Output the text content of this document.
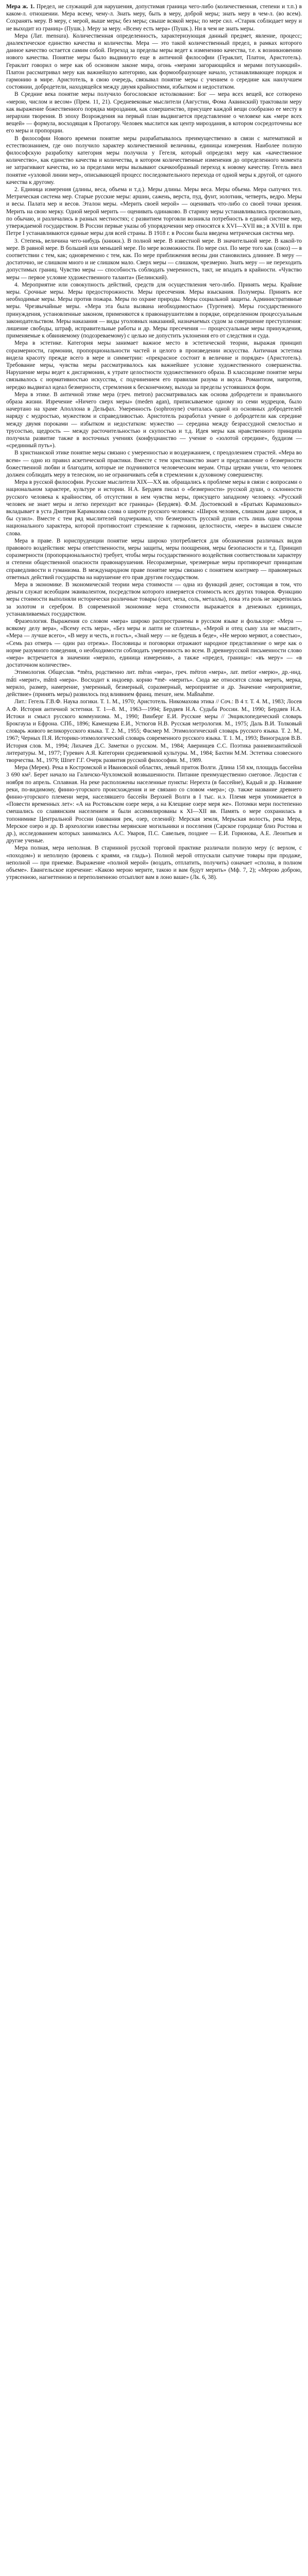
Мера ж. 1. Предел, не служащий для нарушения, допустимая граница чего-либо (количественная, степени и т.п.) в каком-л. отношении. Мера всему, чему-л. Знать меру, быть в меру, доброй меры; знать меру в чем-л. (во всем). Сохранять меру. В меру, с мерой, выше меры; без меры; свыше всякой меры; по мере сил. «Старик соблюдает меру и не выходит из границ» (Пушк.). Меру за меру. «Всему есть мера» (Пушк.). Ни в чем не знать меры.

Мера (Лат. mensura). Количественная определенность, характеризующая данный предмет, явление, процесс; диалектическое единство качества и количества. Мера — это такой количественный предел, в рамках которого данное качество остается самим собой. Переход за пределы меры ведет к изменению качества, т.е. к возникновению нового качества. Понятие меры было выдвинуто еще в античной философии (Гераклит, Платон, Аристотель). Гераклит говорил о мере как об основном законе мира, огонь «мерами загорающийся и мерами потухающий». Платон рассматривал меру как важнейшую категорию, как формообразующее начало, устанавливающее порядок и гармонию в мире. Аристотель, в свою очередь, связывал понятие меры с учением о середине как наилучшем состоянии, добродетели, находящейся между двумя крайностями, избытком и недостатком.

В Средние века понятие меры получило богословское истолкование: Бог — мера всех вещей, все сотворено «мерою, числом и весом» (Прем. 11, 21). Средневековые мыслители (Августин, Фома Аквинский) трактовали меру как выражение божественного порядка мироздания, как совершенство, присущее каждой вещи сообразно ее месту в иерархии творения. В эпоху Возрождения на первый план выдвигается представление о человеке как «мере всех вещей» — формула, восходящая к Протагору. Человек мыслится как центр мироздания, в котором сосредоточены все его меры и пропорции.

В философии Нового времени понятие меры разрабатывалось преимущественно в связи с математикой и естествознанием, где оно получило характер количественной величины, единицы измерения. Наиболее полную философскую разработку категория меры получила у Гегеля, который определял меру как «качественное количество», как единство качества и количества, в котором количественные изменения до определенного момента не затрагивают качества, но за пределами меры вызывают скачкообразный переход к новому качеству. Гегель ввел понятие «узловой линии мер», описывающей процесс последовательного перехода от одной меры к другой, от одного качества к другому.

2. Единица измерения (длины, веса, объема и т.д.). Меры длины. Меры веса. Меры объема. Мера сыпучих тел. Метрическая система мер. Старые русские меры: аршин, сажень, верста, пуд, фунт, золотник, четверть, ведро. Меры и весы. Палата мер и весов. Эталон меры. «Мерить своей мерой» — оценивать что-либо со своей точки зрения. Мерить на свою мерку. Одной мерой мерить — оценивать одинаково. В старину меры устанавливались произвольно, по обычаю, и различались в разных местностях; с развитием торговли возникла потребность в единой системе мер, утверждаемой государством. В России первые указы об упорядочении мер относятся к XVI—XVII вв.; в XVIII в. при Петре I устанавливаются единые меры для всей страны. В 1918 г. в России была введена метрическая система мер.

3. Степень, величина чего-нибудь (книжн.). В полной мере. В известной мере. В значительной мере. В какой-то мере. В равной мере. В большей или меньшей мере. По мере возможности. По мере сил. По мере того как (союз) — в соответствии с тем, как; одновременно с тем, как. По мере приближения весны дни становились длиннее. В меру — достаточно, не слишком много и не слишком мало. Сверх меры — слишком, чрезмерно. Знать меру — не переходить допустимых границ. Чувство меры — способность соблюдать умеренность, такт, не впадать в крайности. «Чувство меры — первое условие художественного таланта» (Белинский).

4. Мероприятие или совокупность действий, средств для осуществления чего-либо. Принять меры. Крайние меры. Срочные меры. Меры предосторожности. Меры пресечения. Меры взыскания. Полумеры. Принять все необходимые меры. Меры против пожара. Меры по охране природы. Меры социальной защиты. Административные меры. Чрезвычайные меры. «Мера эта была вызвана необходимостью» (Тургенев). Меры государственного принуждения, установленные законом, применяются к правонарушителям в порядке, определенном процессуальным законодательством. Меры наказания — виды уголовных наказаний, назначаемых судом за совершение преступления: лишение свободы, штраф, исправительные работы и др. Меры пресечения — процессуальные меры принуждения, применяемые к обвиняемому (подозреваемому) с целью не допустить уклонения его от следствия и суда.

Мера в эстетике. Категория меры занимает важное место в эстетической теории, выражая принцип соразмерности, гармонии, пропорциональности частей и целого в произведении искусства. Античная эстетика видела красоту прежде всего в мере и симметрии: «прекрасное состоит в величине и порядке» (Аристотель). Требование меры, чувства меры рассматривалось как важнейшее условие художественного совершенства. Нарушение меры ведет к дисгармонии, к утрате целостности художественного образа. В классицизме понятие меры связывалось с нормативностью искусства, с подчинением его правилам разума и вкуса. Романтизм, напротив, нередко выдвигал идеал безмерности, стремления к бесконечному, выхода за пределы устоявшихся форм.

Мера в этике. В античной этике мера (греч. metron) рассматривалась как основа добродетели и правильного образа жизни. Изречение «Ничего сверх меры» (meden agan), приписываемое одному из семи мудрецов, было начертано на храме Аполлона в Дельфах. Умеренность (sophrosyne) считалась одной из основных добродетелей наряду с мудростью, мужеством и справедливостью. Аристотель разработал учение о добродетели как середине между двумя пороками — избытком и недостатком: мужество — середина между безрассудной смелостью и трусостью, щедрость — между расточительностью и скупостью и т.д. Идея меры как нравственного принципа получила развитие также в восточных учениях (конфуцианство — учение о «золотой середине», буддизм — «срединный путь»).

В христианской этике понятие меры связано с умеренностью и воздержанием, с преодолением страстей. «Мера во всем» — одно из правил аскетической практики. Вместе с тем христианство знает и представление о безмерности божественной любви и благодати, которые не подчиняются человеческим мерам. Отцы церкви учили, что человек должен соблюдать меру в телесном, но не ограничивать себя в стремлении к духовному совершенству.

Мера в русской философии. Русские мыслители XIX—XX вв. обращались к проблеме меры в связи с вопросами о национальном характере, культуре и истории. Н.А. Бердяев писал о «безмерности» русской души, о склонности русского человека к крайностям, об отсутствии в нем чувства меры, присущего западному человеку. «Русский человек не знает меры и легко переходит все границы» (Бердяев). Ф.М. Достоевский в «Братьях Карамазовых» вкладывает в уста Дмитрия Карамазова слова о широте русского человека: «Широк человек, слишком даже широк, я бы сузил». Вместе с тем ряд мыслителей подчеркивал, что безмерность русской души есть лишь одна сторона национального характера, которой противостоит стремление к гармонии, целостности, «мере» в высшем смысле слова.

Мера в праве. В юриспруденции понятие меры широко употребляется для обозначения различных видов правового воздействия: меры ответственности, меры защиты, меры поощрения, меры безопасности и т.д. Принцип соразмерности (пропорциональности) требует, чтобы меры государственного воздействия соответствовали характеру и степени общественной опасности правонарушения. Несоразмерные, чрезмерные меры противоречат принципам справедливости и гуманизма. В международном праве понятие меры связано с понятием контрмер — правомерных ответных действий государства на нарушение его прав другим государством.

Мера в экономике. В экономической теории мера стоимости — одна из функций денег, состоящая в том, что деньги служат всеобщим эквивалентом, посредством которого измеряется стоимость всех других товаров. Функцию меры стоимости выполняли исторически различные товары (скот, меха, соль, металлы), пока эта роль не закрепилась за золотом и серебром. В современной экономике мера стоимости выражается в денежных единицах, устанавливаемых государством.

Фразеология. Выражения со словом «мера» широко распространены в русском языке и фольклоре: «Мера — всякому делу вера», «Всему есть мера», «Без меры и лапти не сплетешь», «Мерой и отец сыну зла не мыслит», «Мера — лучше всего», «В меру и честь, и гость», «Знай меру — не будешь в беде», «Не мерою меряют, а совестью», «Семь раз отмерь — один раз отрежь». Пословицы и поговорки отражают народное представление о мере как о норме разумного поведения, о необходимости соблюдать умеренность во всем. В древнерусской письменности слово «мера» встречается в значении «мерило, единица измерения», а также «предел, граница»: «въ меру» — «в достаточном количестве».

Этимология. Общеслав. *mĕra, родственно лит. mẽras «мера», греч. métron «мера», лат. metior «мерю», др.-инд. mā́ti «мерит», mā́trā «мера». Восходит к индоевр. корню *mē- «мерить». Сюда же относятся слова мерить, мерка, мерило, размер, намерение, умеренный, безмерный, соразмерный, мероприятие и др. Значение «мероприятие, действие» (принять меры) развилось под влиянием франц. mesure, нем. Maßnahme.

Лит.: Гегель Г.В.Ф. Наука логики. Т. 1. М., 1970; Аристотель. Никомахова этика // Соч.: В 4 т. Т. 4. М., 1983; Лосев А.Ф. История античной эстетики. Т. 1—8. М., 1963—1994; Бердяев Н.А. Судьба России. М., 1990; Бердяев Н.А. Истоки и смысл русского коммунизма. М., 1990; Винберг Е.И. Русские меры // Энциклопедический словарь Брокгауза и Ефрона. СПб., 1896; Каменцева Е.И., Устюгов Н.В. Русская метрология. М., 1975; Даль В.И. Толковый словарь живого великорусского языка. Т. 2. М., 1955; Фасмер М. Этимологический словарь русского языка. Т. 2. М., 1967; Черных П.Я. Историко-этимологический словарь современного русского языка. Т. 1. М., 1993; Виноградов В.В. История слов. М., 1994; Лихачев Д.С. Заметки о русском. М., 1984; Аверинцев С.С. Поэтика ранневизантийской литературы. М., 1977; Гуревич А.Я. Категории средневековой культуры. М., 1984; Бахтин М.М. Эстетика словесного творчества. М., 1979; Шпет Г.Г. Очерк развития русской философии. М., 1989.

Мера (Мерея). Река в Костромской и Ивановской областях, левый приток Волги. Длина 158 км, площадь бассейна 3 690 км². Берет начало на Галичско-Чухломской возвышенности. Питание преимущественно снеговое. Ледостав с ноября по апрель. Сплавная. На реке расположены населенные пункты: Нерехта (в бассейне), Кадый и др. Название реки, по-видимому, финно-угорского происхождения и не связано со словом «мера»; ср. также название древнего финно-угорского племени меря, населявшего бассейн Верхней Волги в I тыс. н.э. Племя меря упоминается в «Повести временных лет»: «А на Ростовьском озере меря, а на Клещине озере меря же». Потомки мери постепенно смешались со славянским населением и были ассимилированы к XI—XII вв. Память о мере сохранилась в топонимике Центральной России (названия рек, озер, селений): Мерская земля, Мерьская волость, река Мера, Мерское озеро и др. В археологии известны мерянские могильники и поселения (Сарское городище близ Ростова и др.), исследованием которых занимались А.С. Уваров, П.С. Савельев, позднее — Е.И. Горюнова, А.Е. Леонтьев и другие ученые.

Мера полная, мера неполная. В старинной русской торговой практике различали полную меру (с верхом, с «походом») и неполную (вровень с краями, «в гладь»). Полной мерой отпускали сыпучие товары при продаже, неполной — при приемке. Выражение «полной мерой» (воздать, отплатить, получить) означает «сполна, в полном объеме». Евангельское изречение: «Какою мерою мерите, такою и вам будут мерить» (Мф. 7, 2); «Мерою доброю, утрясенною, нагнетенною и переполненною отсыплют вам в лоно ваше» (Лк. 6, 38).
